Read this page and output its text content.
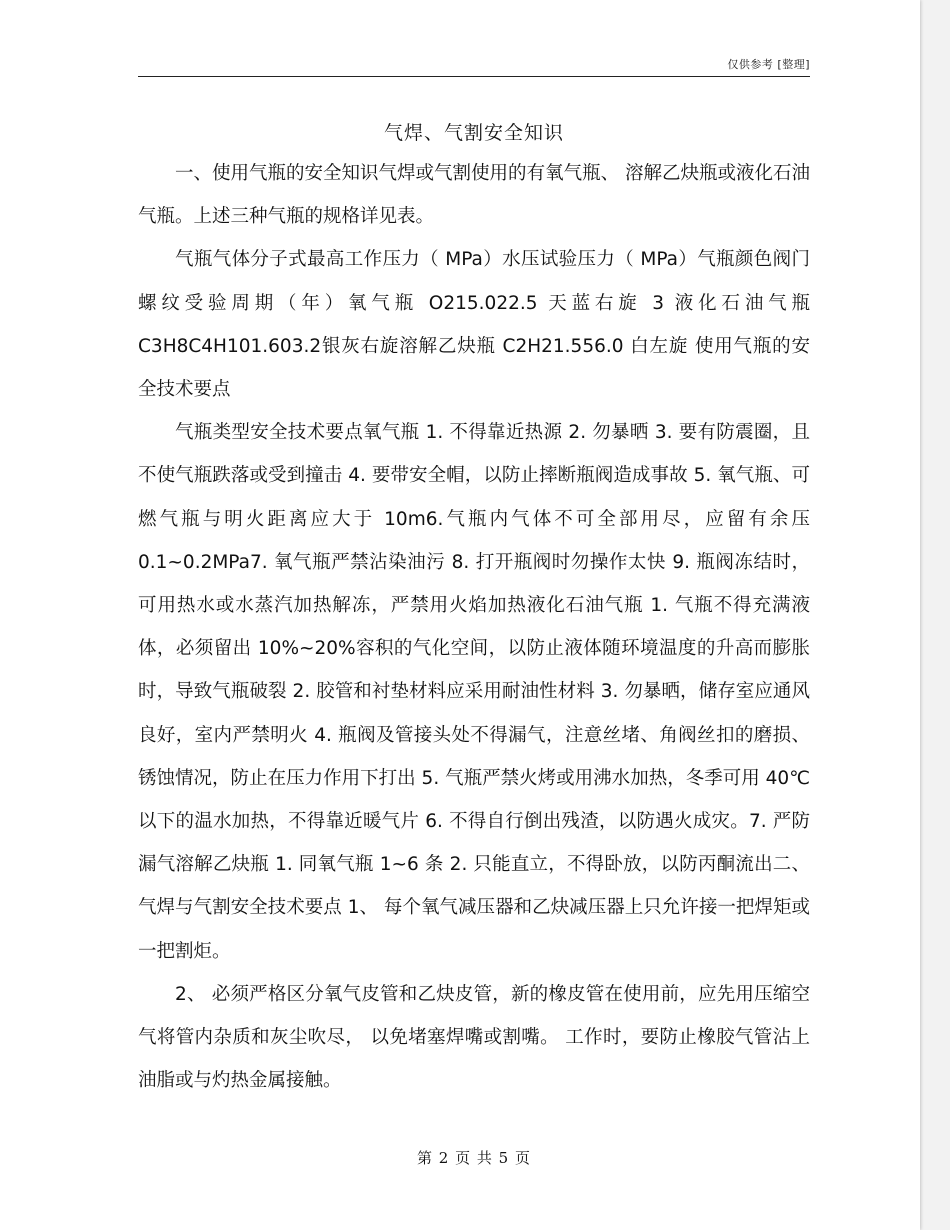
仅供参考 [整理]
气焊、气割安全知识

一、使用气瓶的安全知识气焊或气割使用的有氧气瓶、 溶解乙炔瓶或液化石油气瓶。上述三种气瓶的规格详见表。

气瓶气体分子式最高工作压力（ MPa）水压试验压力（ MPa）气瓶颜色阀门螺纹受验周期（年）氧气瓶 O215.022.5 天蓝右旋 3 液化石油气瓶 C3H8C4H101.603.2银灰右旋溶解乙炔瓶 C2H21.556.0 白左旋 使用气瓶的安全技术要点

气瓶类型安全技术要点氧气瓶 1. 不得靠近热源 2. 勿暴晒 3. 要有防震圈，且不使气瓶跌落或受到撞击 4. 要带安全帽，以防止摔断瓶阀造成事故 5. 氧气瓶、可燃气瓶与明火距离应大于 10m6.气瓶内气体不可全部用尽，应留有余压 0.1~0.2MPa7. 氧气瓶严禁沾染油污 8. 打开瓶阀时勿操作太快 9. 瓶阀冻结时，可用热水或水蒸汽加热解冻，严禁用火焰加热液化石油气瓶 1. 气瓶不得充满液体，必须留出 10%~20%容积的气化空间，以防止液体随环境温度的升高而膨胀时，导致气瓶破裂 2. 胶管和衬垫材料应采用耐油性材料 3. 勿暴晒，储存室应通风良好，室内严禁明火 4. 瓶阀及管接头处不得漏气，注意丝堵、角阀丝扣的磨损、锈蚀情况，防止在压力作用下打出 5. 气瓶严禁火烤或用沸水加热，冬季可用 40℃以下的温水加热，不得靠近暖气片 6. 不得自行倒出残渣，以防遇火成灾。7. 严防漏气溶解乙炔瓶 1. 同氧气瓶 1~6 条 2. 只能直立，不得卧放，以防丙酮流出二、 气焊与气割安全技术要点 1、 每个氧气减压器和乙炔减压器上只允许接一把焊矩或一把割炬。

2、 必须严格区分氧气皮管和乙炔皮管，新的橡皮管在使用前，应先用压缩空气将管内杂质和灰尘吹尽， 以免堵塞焊嘴或割嘴。 工作时，要防止橡胶气管沾上油脂或与灼热金属接触。

第 2 页 共 5 页
